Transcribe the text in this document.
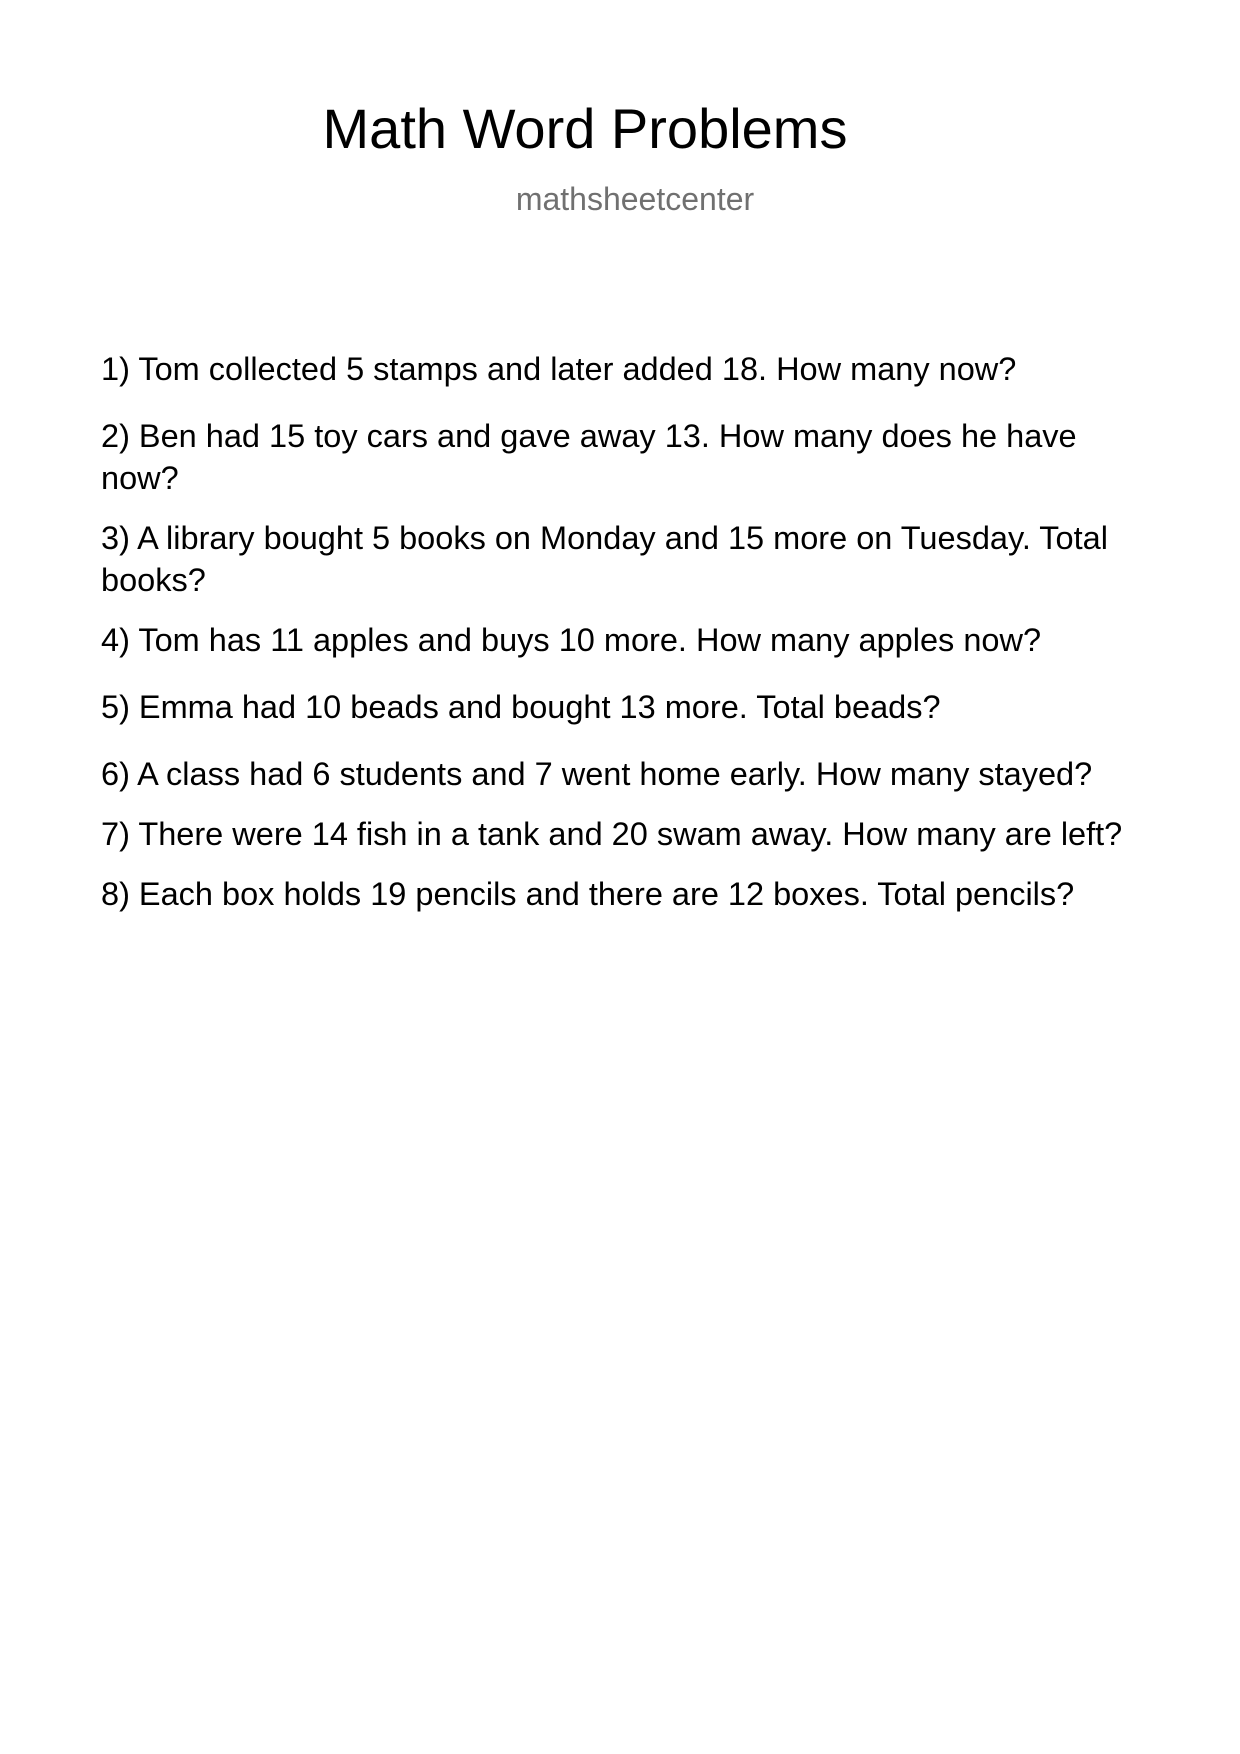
Math Word Problems
mathsheetcenter
1) Tom collected 5 stamps and later added 18. How many now?
2) Ben had 15 toy cars and gave away 13. How many does he have now?
3) A library bought 5 books on Monday and 15 more on Tuesday. Total books?
4) Tom has 11 apples and buys 10 more. How many apples now?
5) Emma had 10 beads and bought 13 more. Total beads?
6) A class had 6 students and 7 went home early. How many stayed?
7) There were 14 fish in a tank and 20 swam away. How many are left?
8) Each box holds 19 pencils and there are 12 boxes. Total pencils?
